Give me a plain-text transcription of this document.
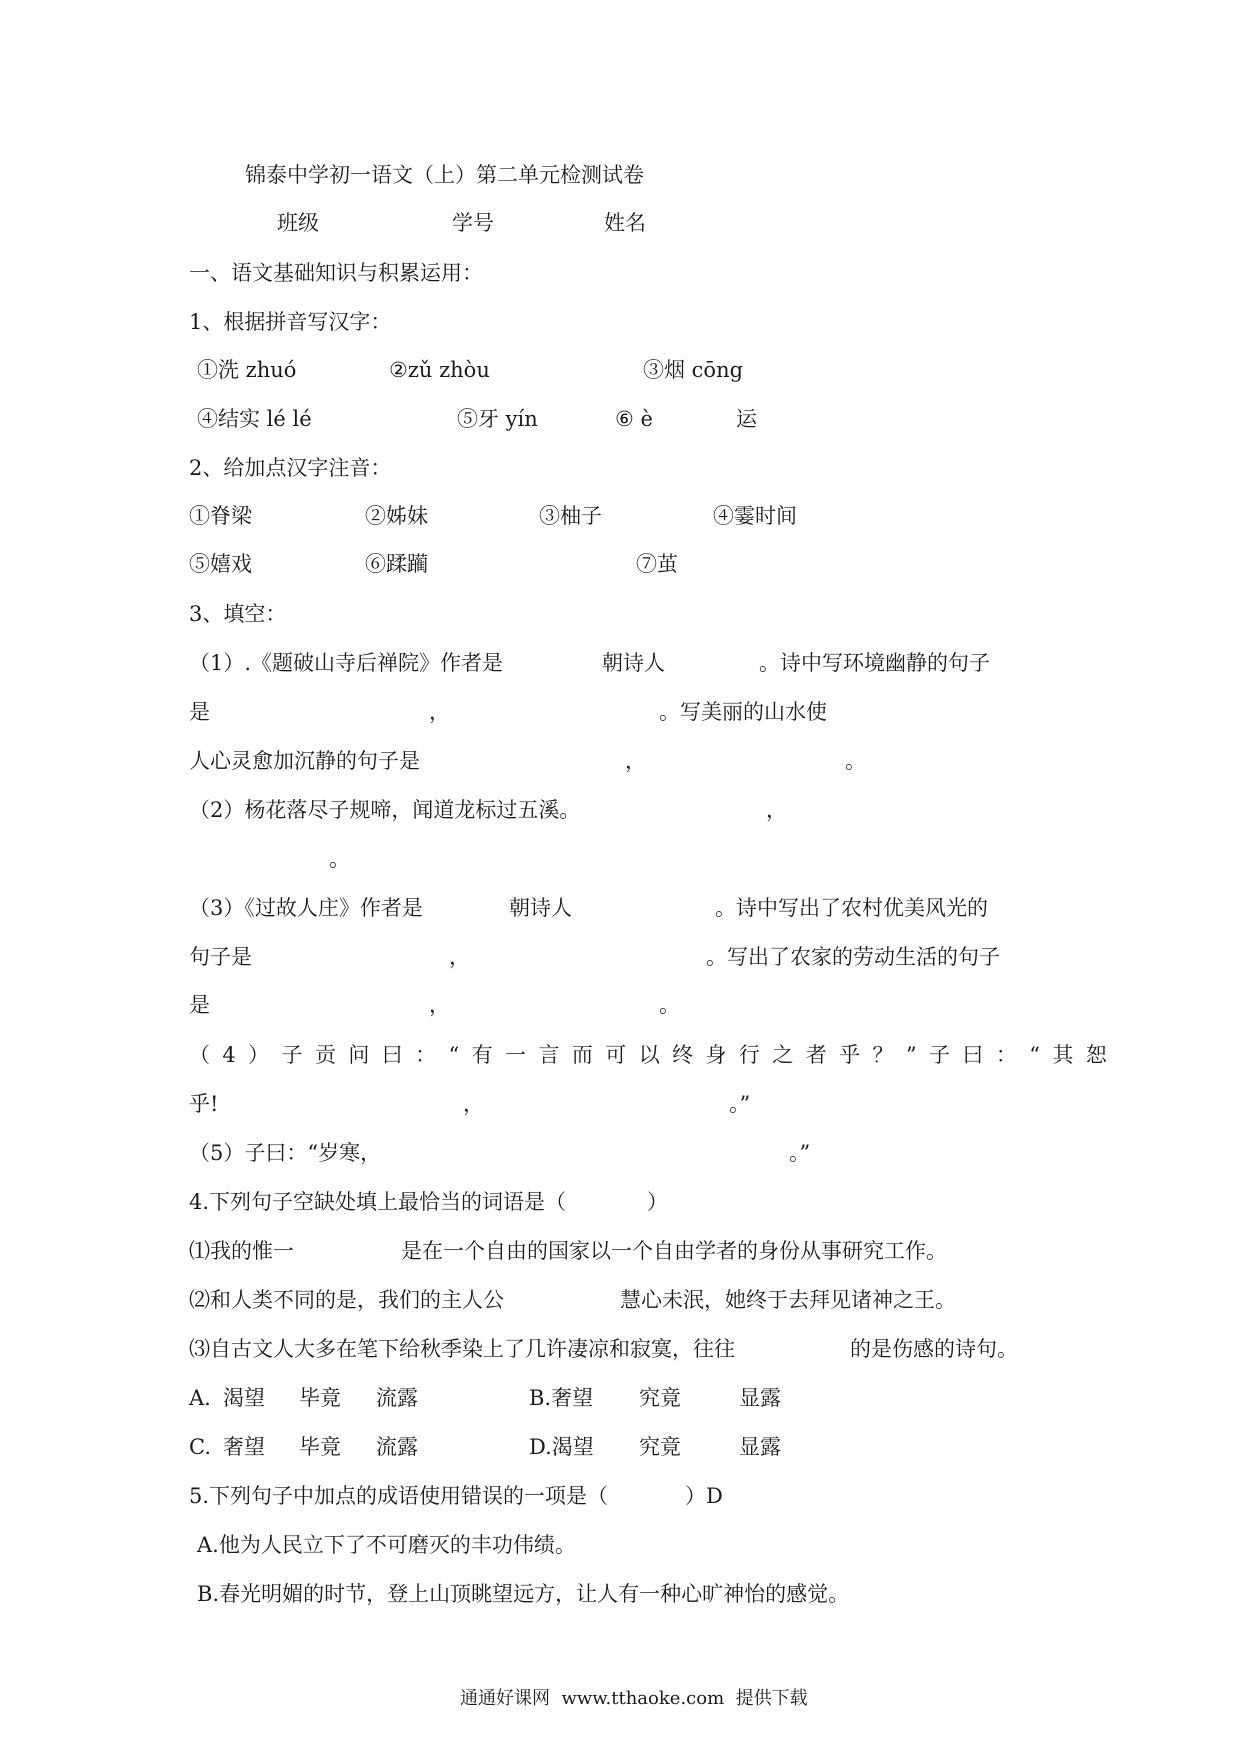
锦泰中学初一语文（上）第二单元检测试卷
班级	学号	姓名
一、语文基础知识与积累运用：
1、根据拼音写汉字：
①洗 zhuó	②zǔ zhòu	③烟 cōng
④结实 lé lé	⑤牙 yín	⑥ è	运
2、给加点汉字注音：
①脊梁	②姊妹	③柚子	④霎时间
⑤嬉戏	⑥蹂躏	⑦茧
3、填空：
（1）.《题破山寺后禅院》作者是	朝诗人	。诗中写环境幽静的句子
是	，	。写美丽的山水使
人心灵愈加沉静的句子是	，	。
（2）杨花落尽子规啼，闻道龙标过五溪。	，
。
（3）《过故人庄》作者是	朝诗人	。诗中写出了农村优美风光的
句子是	，	。写出了农家的劳动生活的句子
是	，	。
（4）子贡问曰：“有一言而可以终身行之者乎？”子曰：“其恕
乎!	，	。”
（5）子曰：“岁寒，	。”
4.下列句子空缺处填上最恰当的词语是（	）
⑴我的惟一	是在一个自由的国家以一个自由学者的身份从事研究工作。
⑵和人类不同的是，我们的主人公	慧心未泯，她终于去拜见诸神之王。
⑶自古文人大多在笔下给秋季染上了几许凄凉和寂寞，往往	的是伤感的诗句。
A. 渴望 毕竟 流露	B.奢望 究竟	显露
C. 奢望 毕竟 流露	D.渴望 究竟	显露
5.下列句子中加点的成语使用错误的一项是（	）D
A.他为人民立下了不可磨灭的丰功伟绩。
B.春光明媚的时节，登上山顶眺望远方，让人有一种心旷神怡的感觉。
通通好课网  www.tthaoke.com  提供下载
